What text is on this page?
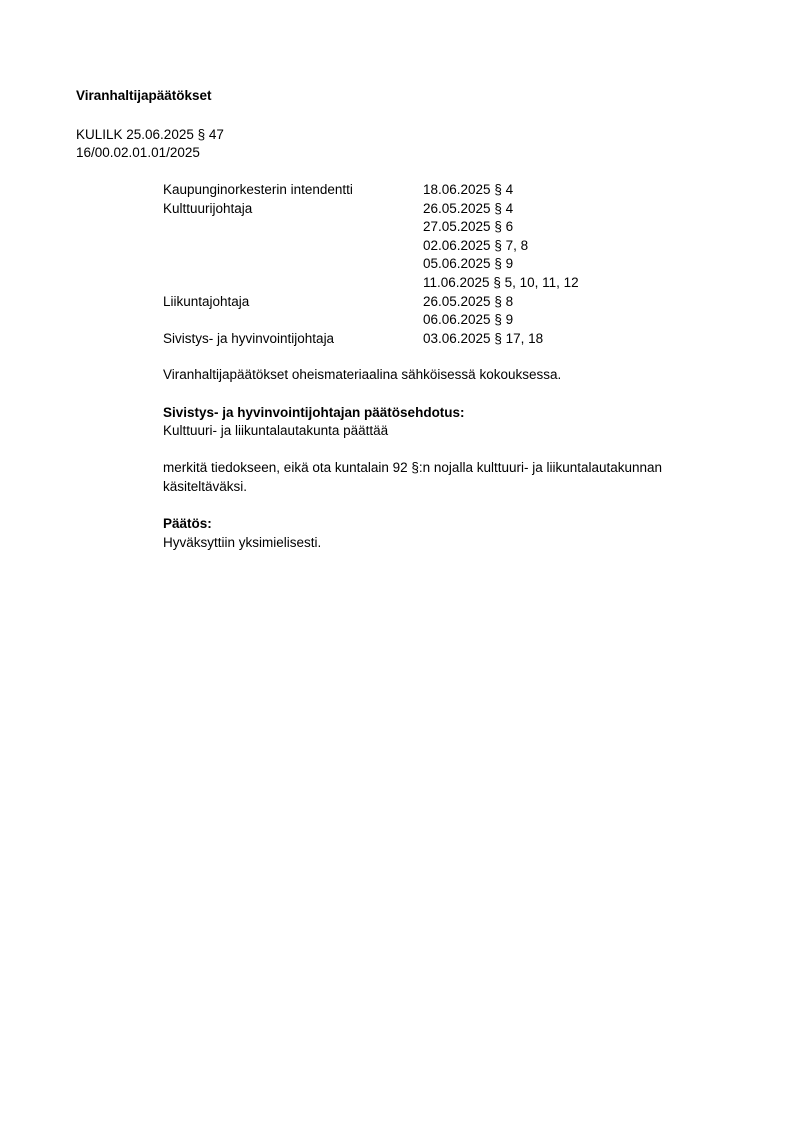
Viranhaltijapäätökset
KULILK 25.06.2025 § 47
16/00.02.01.01/2025
Kaupunginorkesterin intendentti	18.06.2025 § 4
Kulttuurijohtaja	26.05.2025 § 4
27.05.2025 § 6
02.06.2025 § 7, 8
05.06.2025 § 9
11.06.2025 § 5, 10, 11, 12
Liikuntajohtaja	26.05.2025 § 8
06.06.2025 § 9
Sivistys- ja hyvinvointijohtaja	03.06.2025 § 17, 18
Viranhaltijapäätökset oheismateriaalina sähköisessä kokouksessa.
Sivistys- ja hyvinvointijohtajan päätösehdotus:
Kulttuuri- ja liikuntalautakunta päättää
merkitä tiedokseen, eikä ota kuntalain 92 §:n nojalla kulttuuri- ja liikuntalautakunnan käsiteltäväksi.
Päätös:
Hyväksyttiin yksimielisesti.
